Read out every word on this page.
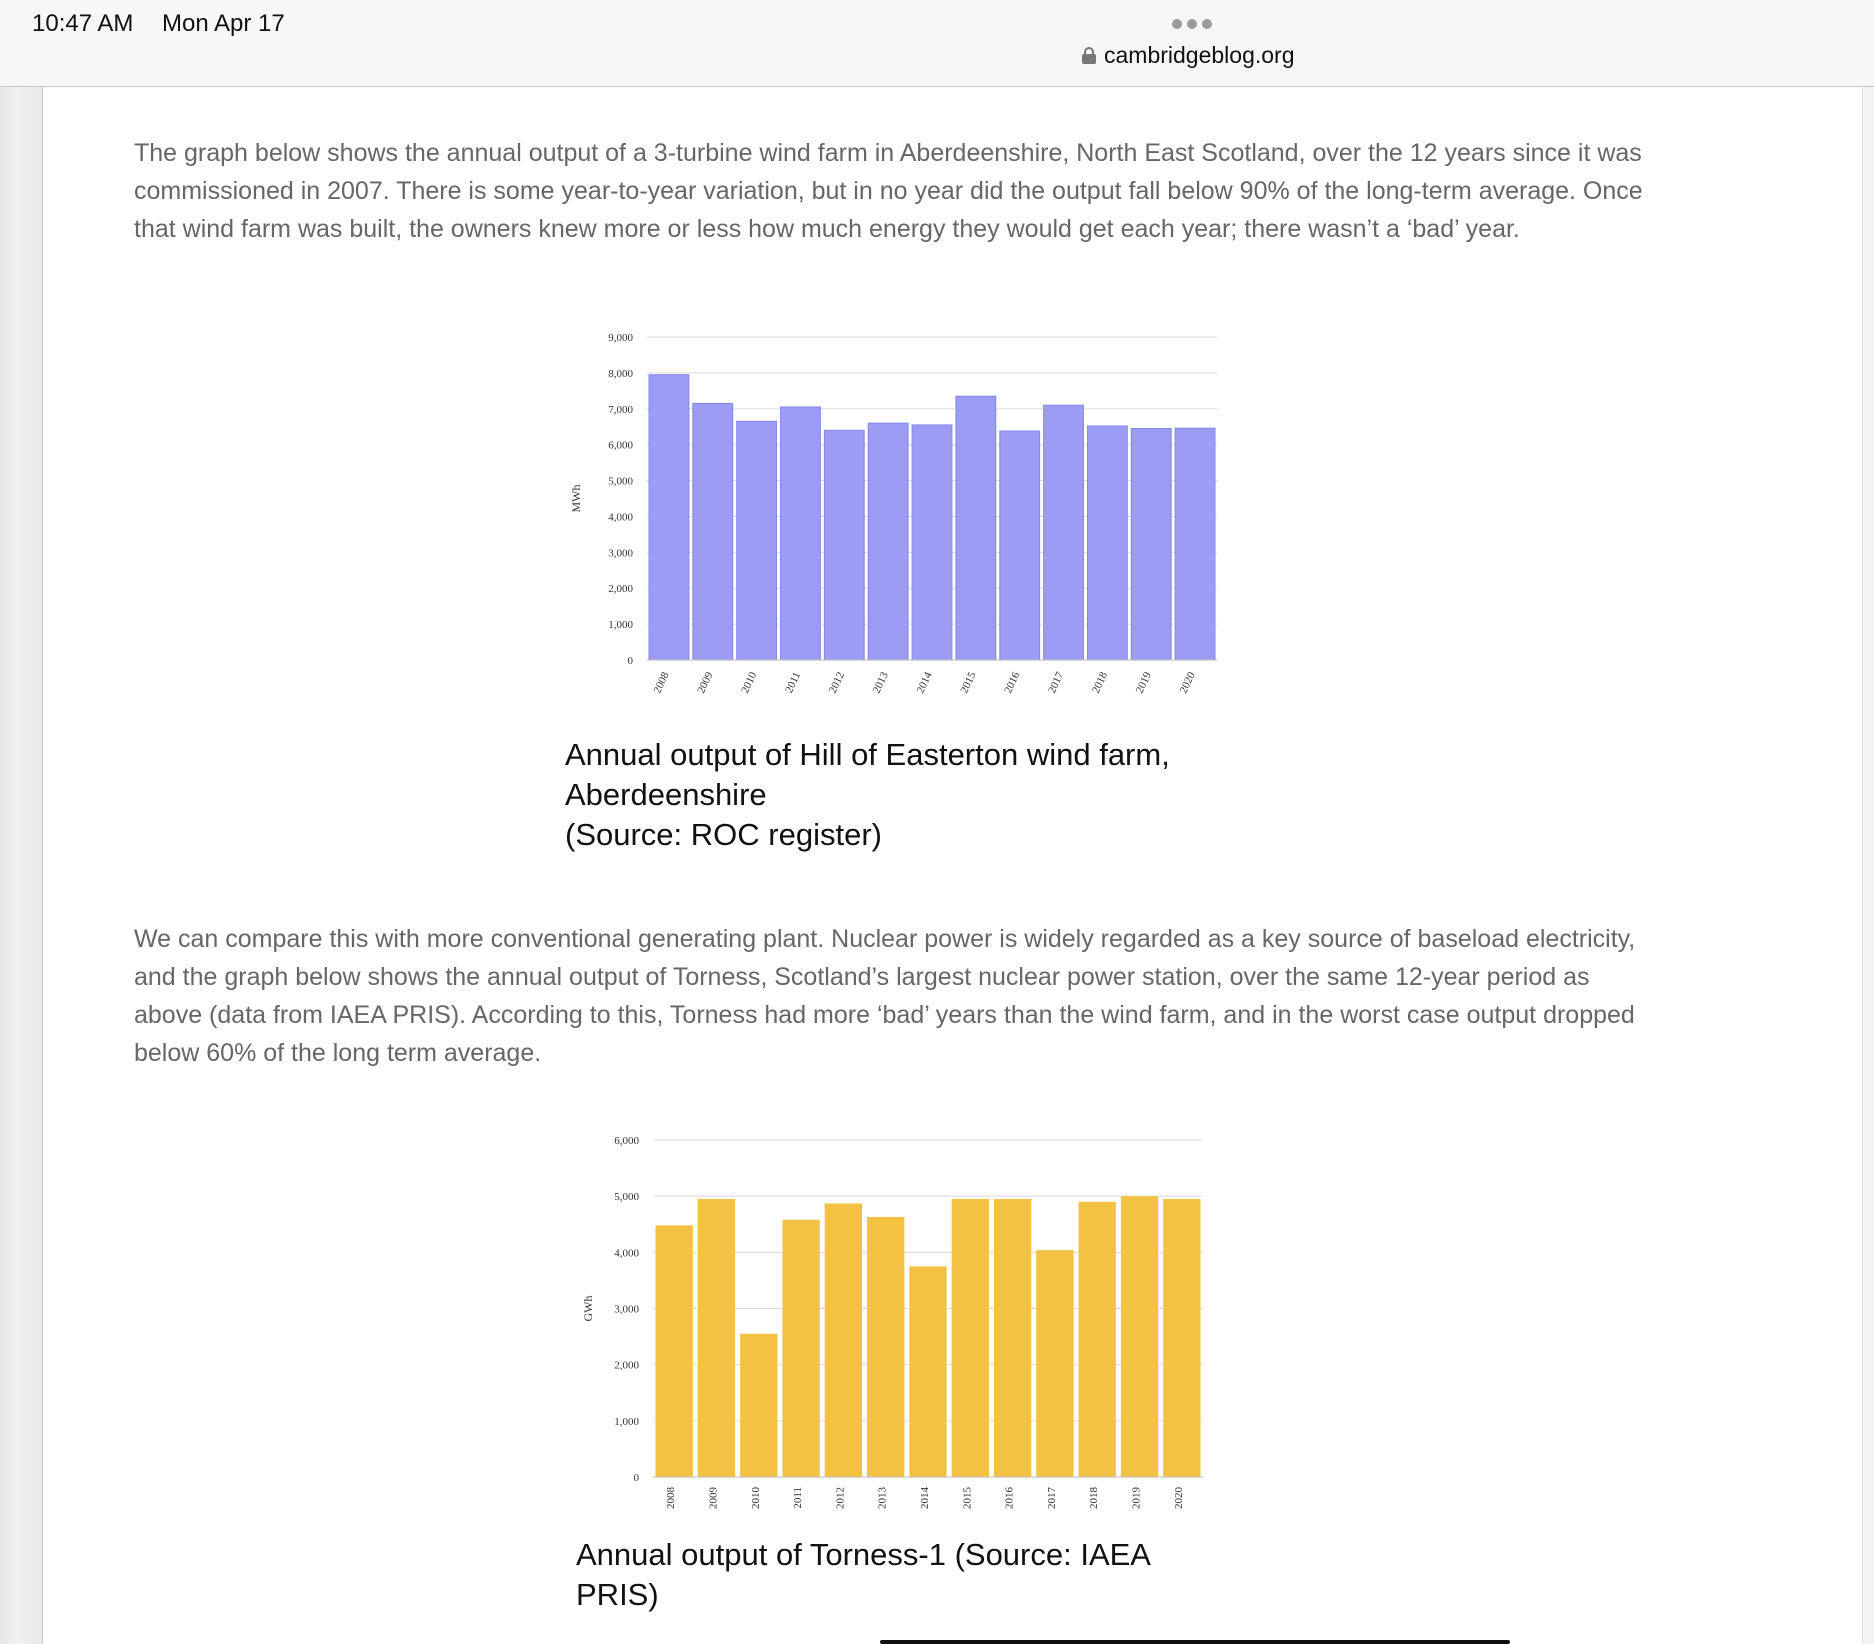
10:47 AM Mon Apr 17
cambridgeblog.org

The graph below shows the annual output of a 3-turbine wind farm in Aberdeenshire, North East Scotland, over the 12 years since it was commissioned in 2007. There is some year-to-year variation, but in no year did the output fall below 90% of the long-term average. Once that wind farm was built, the owners knew more or less how much energy they would get each year; there wasn’t a ‘bad’ year.

0
1,000
2,000
3,000
4,000
5,000
6,000
7,000
8,000
9,000
2008 2009 2010 2011 2012 2013 2014 2015 2016 2017 2018 2019 2020
MWh

Annual output of Hill of Easterton wind farm,
Aberdeenshire
(Source: ROC register)

We can compare this with more conventional generating plant. Nuclear power is widely regarded as a key source of baseload electricity, and the graph below shows the annual output of Torness, Scotland’s largest nuclear power station, over the same 12-year period as above (data from IAEA PRIS). According to this, Torness had more ‘bad’ years than the wind farm, and in the worst case output dropped below 60% of the long term average.

0
1,000
2,000
3,000
4,000
5,000
6,000
2008	2009	2010	2011	2012	2013	2014	2015	2016	2017	2018	2019	2020
GWh

Annual output of Torness-1 (Source: IAEA
PRIS)
